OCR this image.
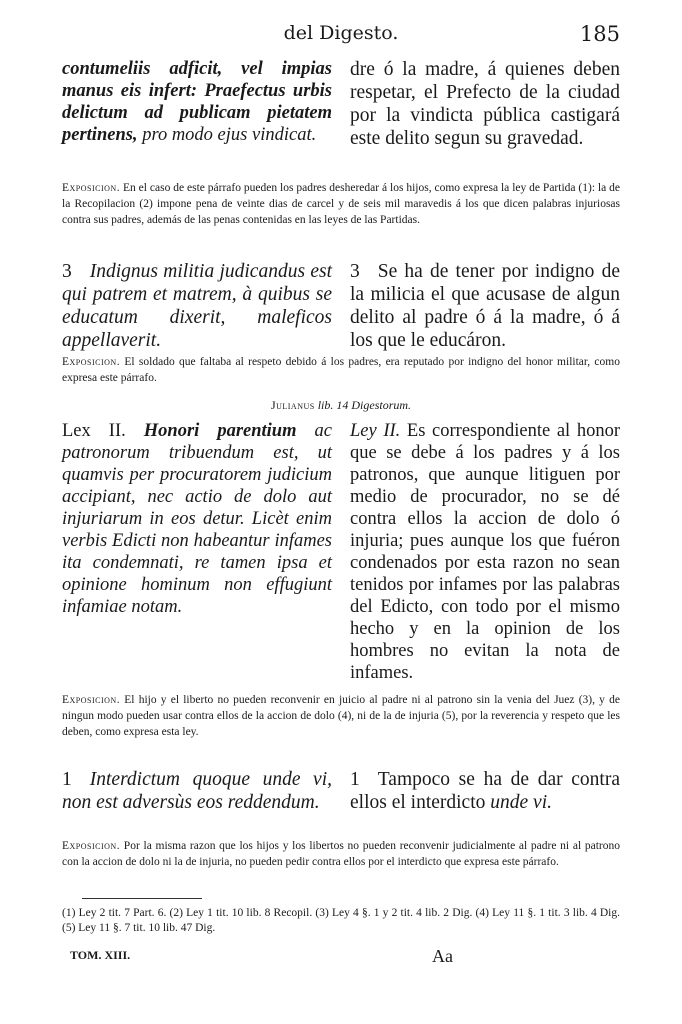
del Digesto.	185
contumeliis adficit, vel impias manus eis infert: Praefectus urbis delictum ad publicam pietatem pertinens, pro modo ejus vindicat.
dre ó la madre, á quienes deben respetar, el Prefecto de la ciudad por la vindicta pública castigará este delito segun su gravedad.
Exposicion. En el caso de este párrafo pueden los padres desheredar á los hijos, como expresa la ley de Partida (1): la de la Recopilacion (2) impone pena de veinte dias de carcel y de seis mil maravedis á los que dicen palabras injuriosas contra sus padres, además de las penas contenidas en las leyes de las Partidas.
3 Indignus militia judicandus est qui patrem et matrem, à quibus se educatum dixerit, maleficos appellaverit.
3 Se ha de tener por indigno de la milicia el que acusase de algun delito al padre ó á la madre, ó á los que le educáron.
Exposicion. El soldado que faltaba al respeto debido á los padres, era reputado por indigno del honor militar, como expresa este párrafo.
Julianus lib. 14 Digestorum.
Lex II. Honori parentium ac patronorum tribuendum est, ut quamvis per procuratorem judicium accipiant, nec actio de dolo aut injuriarum in eos detur. Licèt enim verbis Edicti non habeantur infames ita condemnati, re tamen ipsa et opinione hominum non effugiunt infamiae notam.
Ley II. Es correspondiente al honor que se debe á los padres y á los patronos, que aunque litiguen por medio de procurador, no se dé contra ellos la accion de dolo ó injuria; pues aunque los que fuéron condenados por esta razon no sean tenidos por infames por las palabras del Edicto, con todo por el mismo hecho y en la opinion de los hombres no evitan la nota de infames.
Exposicion. El hijo y el liberto no pueden reconvenir en juicio al padre ni al patrono sin la venia del Juez (3), y de ningun modo pueden usar contra ellos de la accion de dolo (4), ni de la de injuria (5), por la reverencia y respeto que les deben, como expresa esta ley.
1 Interdictum quoque unde vi, non est adversùs eos reddendum.
1 Tampoco se ha de dar contra ellos el interdicto unde vi.
Exposicion. Por la misma razon que los hijos y los libertos no pueden reconvenir judicialmente al padre ni al patrono con la accion de dolo ni la de injuria, no pueden pedir contra ellos por el interdicto que expresa este párrafo.
(1) Ley 2 tit. 7 Part. 6. (2) Ley 1 tit. 10 lib. 8 Recopil. (3) Ley 4 §. 1 y 2 tit. 4 lib. 2 Dig. (4) Ley 11 §. 1 tit. 3 lib. 4 Dig. (5) Ley 11 §. 7 tit. 10 lib. 47 Dig.
TOM. XIII.	Aa
